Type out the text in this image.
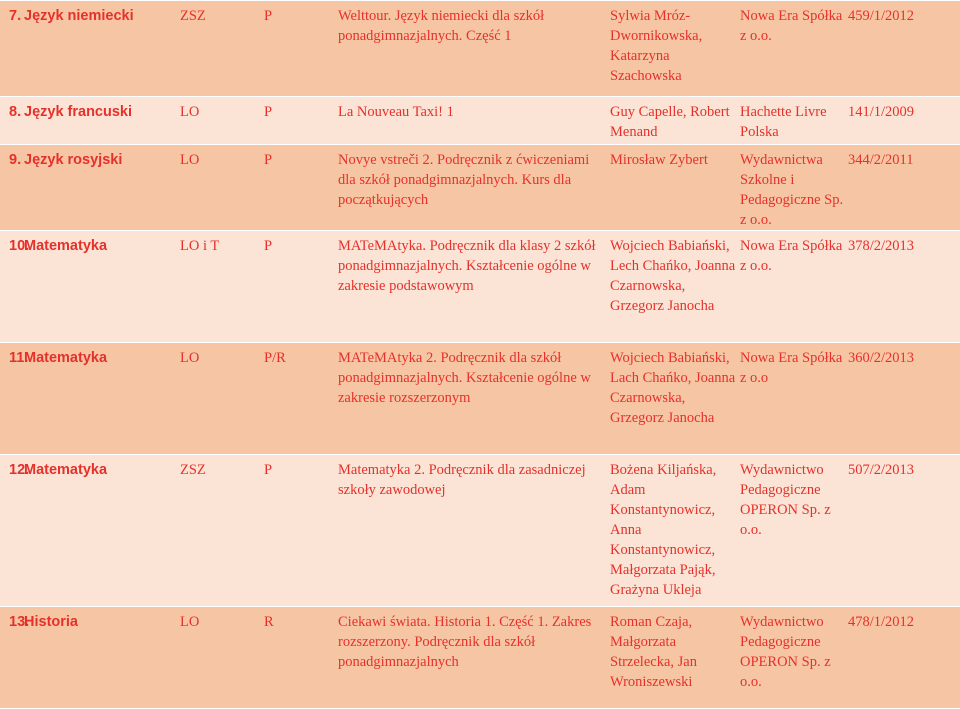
7. Język niemiecki	ZSZ	P	Welttour. Język niemiecki dla szkół ponadgimnazjalnych. Część 1	Sylwia Mróz-Dwornikowska, Katarzyna Szachowska	Nowa Era Spółka z o.o.	459/1/2012
8. Język francuski	LO	P	La Nouveau Taxi! 1	Guy Capelle, Robert Menand	Hachette Livre Polska	141/1/2009
9. Język rosyjski	LO	P	Novye vstreči 2. Podręcznik z ćwiczeniami dla szkół ponadgimnazjalnych. Kurs dla początkujących	Mirosław Zybert	Wydawnictwa Szkolne i Pedagogiczne Sp. z o.o.	344/2/2011
10.Matematyka	LO i T	P	MATeMAtyka. Podręcznik dla klasy 2 szkół ponadgimnazjalnych. Kształcenie ogólne w zakresie podstawowym	Wojciech Babiański, Lech Chańko, Joanna Czarnowska, Grzegorz Janocha	Nowa Era Spółka z o.o.	378/2/2013
11.Matematyka	LO	P/R	MATeMAtyka 2. Podręcznik dla szkół ponadgimnazjalnych. Kształcenie ogólne w zakresie rozszerzonym	Wojciech Babiański, Lach Chańko, Joanna Czarnowska, Grzegorz Janocha	Nowa Era Spółka z o.o	360/2/2013
12.Matematyka	ZSZ	P	Matematyka 2. Podręcznik dla zasadniczej szkoły zawodowej	Bożena Kiljańska, Adam Konstantynowicz, Anna Konstantynowicz, Małgorzata Pająk, Grażyna Ukleja	Wydawnictwo Pedagogiczne OPERON Sp. z o.o.	507/2/2013
13.Historia	LO	R	Ciekawi świata. Historia 1. Część 1. Zakres rozszerzony. Podręcznik dla szkół ponadgimnazjalnych	Roman Czaja, Małgorzata Strzelecka, Jan Wroniszewski	Wydawnictwo Pedagogiczne OPERON Sp. z o.o.	478/1/2012
